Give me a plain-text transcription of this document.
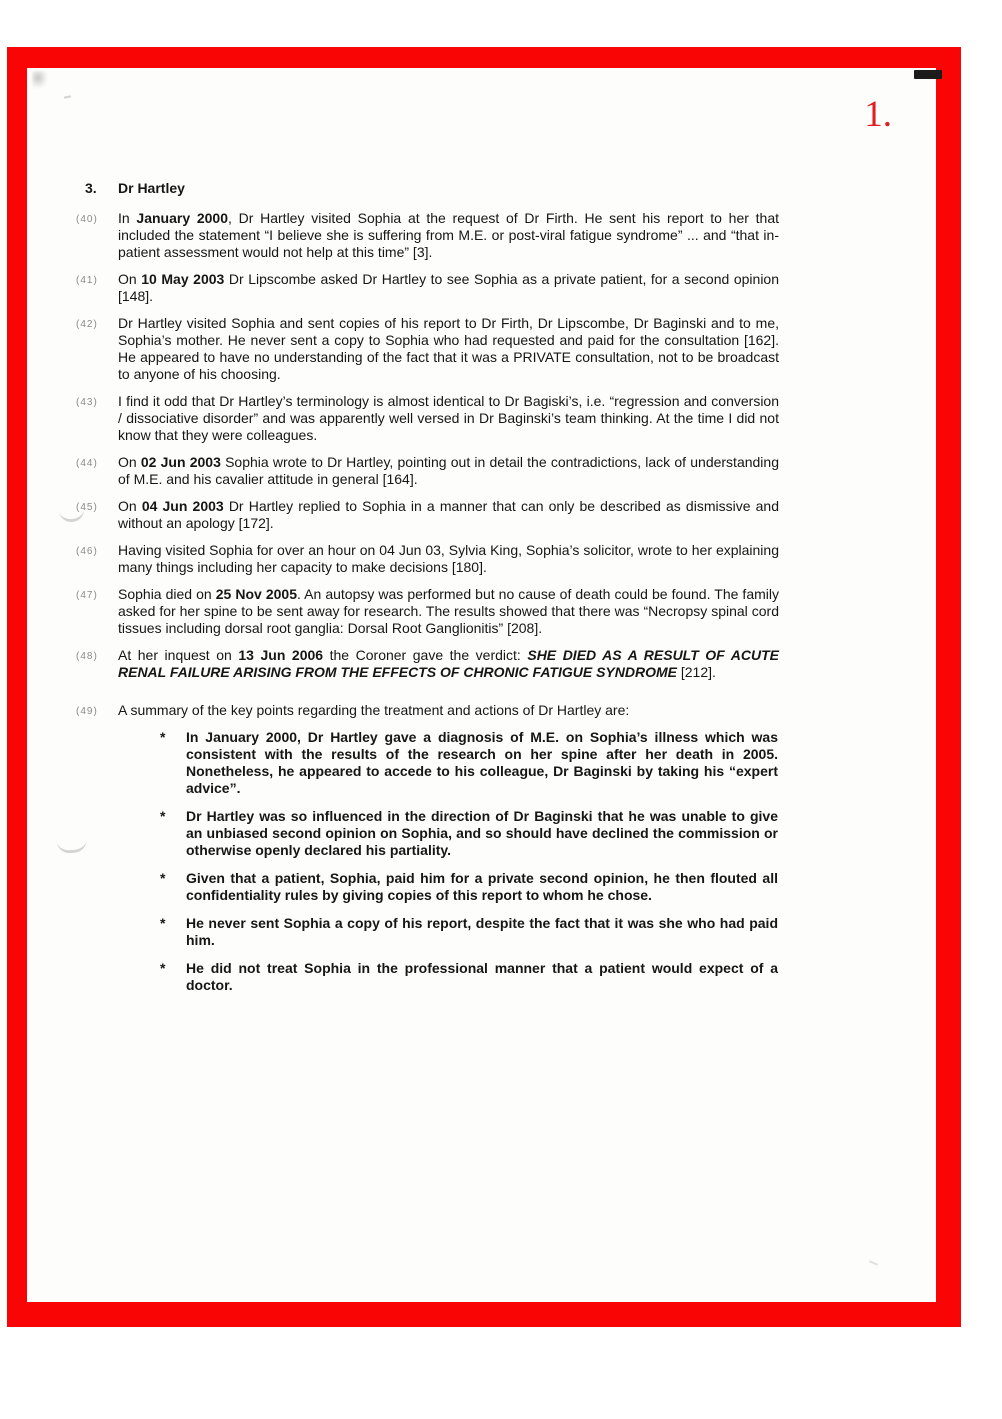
1.
3.	Dr Hartley
(40)	In January 2000, Dr Hartley visited Sophia at the request of Dr Firth. He sent his report to her that included the statement “I believe she is suffering from M.E. or post-viral fatigue syndrome” ... and “that in-patient assessment would not help at this time” [3].
(41)	On 10 May 2003 Dr Lipscombe asked Dr Hartley to see Sophia as a private patient, for a second opinion [148].
(42)	Dr Hartley visited Sophia and sent copies of his report to Dr Firth, Dr Lipscombe, Dr Baginski and to me, Sophia’s mother. He never sent a copy to Sophia who had requested and paid for the consultation [162]. He appeared to have no understanding of the fact that it was a PRIVATE consultation, not to be broadcast to anyone of his choosing.
(43)	I find it odd that Dr Hartley’s terminology is almost identical to Dr Bagiski’s, i.e. “regression and conversion / dissociative disorder” and was apparently well versed in Dr Baginski’s team thinking. At the time I did not know that they were colleagues.
(44)	On 02 Jun 2003 Sophia wrote to Dr Hartley, pointing out in detail the contradictions, lack of understanding of M.E. and his cavalier attitude in general [164].
(45)	On 04 Jun 2003 Dr Hartley replied to Sophia in a manner that can only be described as dismissive and without an apology [172].
(46)	Having visited Sophia for over an hour on 04 Jun 03, Sylvia King, Sophia’s solicitor, wrote to her explaining many things including her capacity to make decisions [180].
(47)	Sophia died on 25 Nov 2005. An autopsy was performed but no cause of death could be found. The family asked for her spine to be sent away for research. The results showed that there was “Necropsy spinal cord tissues including dorsal root ganglia: Dorsal Root Ganglionitis” [208].
(48)	At her inquest on 13 Jun 2006 the Coroner gave the verdict: SHE DIED AS A RESULT OF ACUTE RENAL FAILURE ARISING FROM THE EFFECTS OF CHRONIC FATIGUE SYNDROME [212].
(49)	A summary of the key points regarding the treatment and actions of Dr Hartley are:
*	In January 2000, Dr Hartley gave a diagnosis of M.E. on Sophia’s illness which was consistent with the results of the research on her spine after her death in 2005. Nonetheless, he appeared to accede to his colleague, Dr Baginski by taking his “expert advice”.
*	Dr Hartley was so influenced in the direction of Dr Baginski that he was unable to give an unbiased second opinion on Sophia, and so should have declined the commission or otherwise openly declared his partiality.
*	Given that a patient, Sophia, paid him for a private second opinion, he then flouted all confidentiality rules by giving copies of this report to whom he chose.
*	He never sent Sophia a copy of his report, despite the fact that it was she who had paid him.
*	He did not treat Sophia in the professional manner that a patient would expect of a doctor.
